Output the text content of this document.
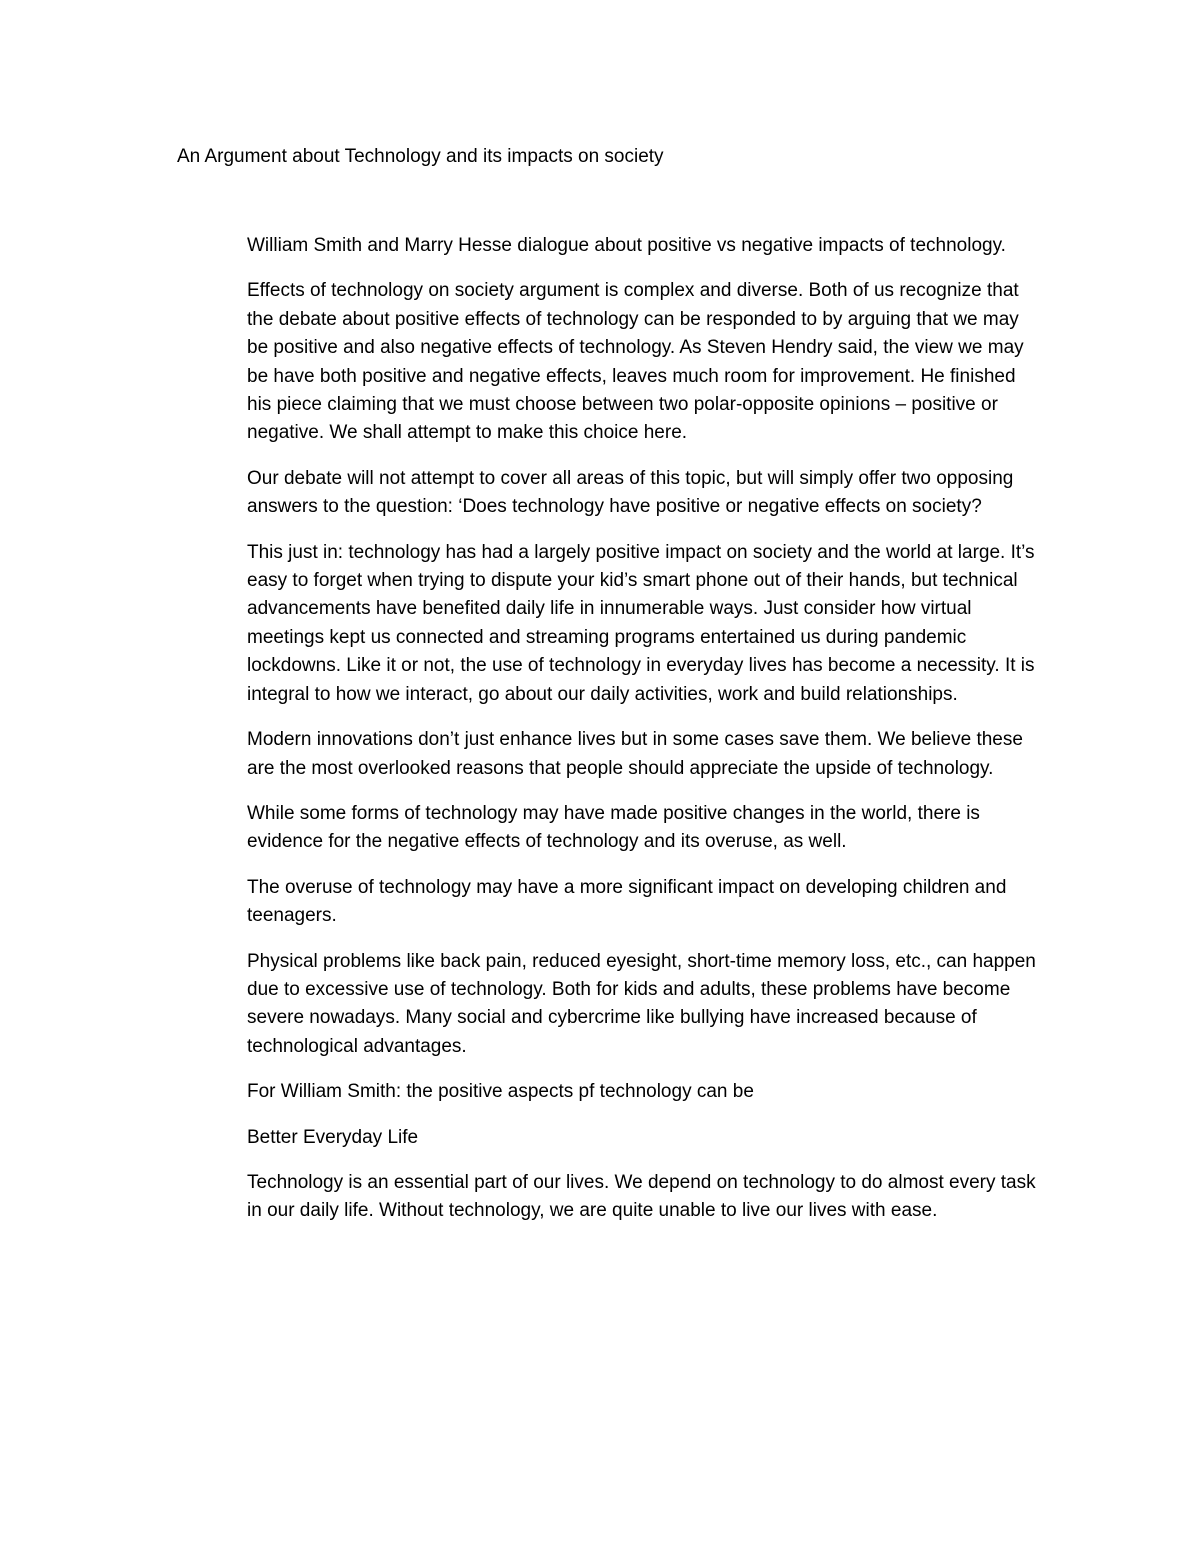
An Argument about Technology and its impacts on society

William Smith and Marry Hesse dialogue about positive vs negative impacts of technology.

Effects of technology on society argument is complex and diverse. Both of us recognize that the debate about positive effects of technology can be responded to by arguing that we may be positive and also negative effects of technology. As Steven Hendry said, the view we may be have both positive and negative effects, leaves much room for improvement. He finished his piece claiming that we must choose between two polar-opposite opinions – positive or negative. We shall attempt to make this choice here.

Our debate will not attempt to cover all areas of this topic, but will simply offer two opposing answers to the question: ‘Does technology have positive or negative effects on society?

This just in: technology has had a largely positive impact on society and the world at large. It’s easy to forget when trying to dispute your kid’s smart phone out of their hands, but technical advancements have benefited daily life in innumerable ways. Just consider how virtual meetings kept us connected and streaming programs entertained us during pandemic lockdowns. Like it or not, the use of technology in everyday lives has become a necessity. It is integral to how we interact, go about our daily activities, work and build relationships.

Modern innovations don’t just enhance lives but in some cases save them. We believe these are the most overlooked reasons that people should appreciate the upside of technology.

While some forms of technology may have made positive changes in the world, there is evidence for the negative effects of technology and its overuse, as well.

The overuse of technology may have a more significant impact on developing children and teenagers.

Physical problems like back pain, reduced eyesight, short-time memory loss, etc., can happen due to excessive use of technology. Both for kids and adults, these problems have become severe nowadays. Many social and cybercrime like bullying have increased because of technological advantages.

For William Smith: the positive aspects pf technology can be

Better Everyday Life

Technology is an essential part of our lives. We depend on technology to do almost every task in our daily life. Without technology, we are quite unable to live our lives with ease.
